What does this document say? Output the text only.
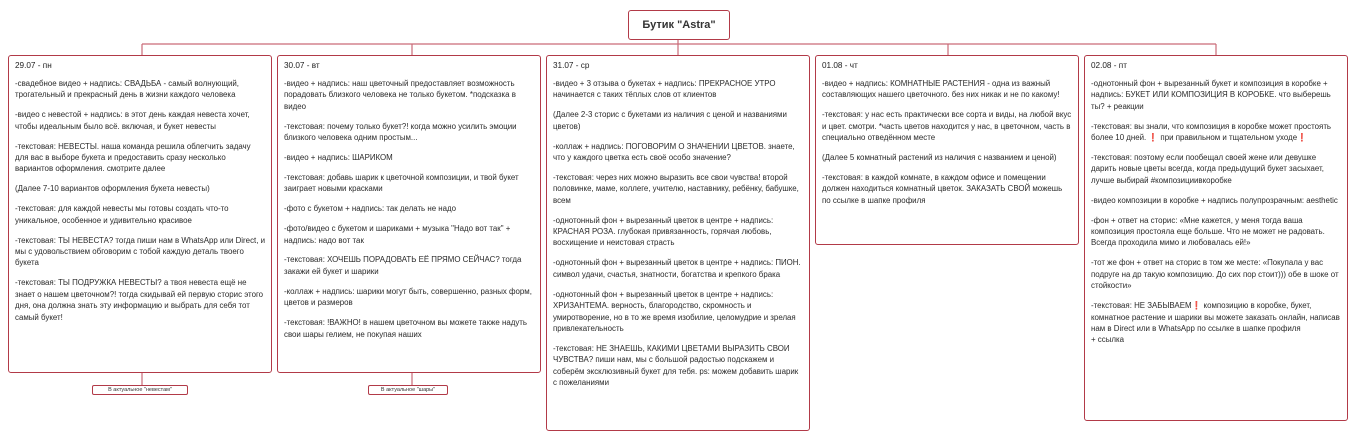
Бутик "Astra"
29.07 - пн

-свадебное видео + надпись: СВАДЬБА - самый волнующий, трогательный и прекрасный день в жизни каждого человека

-видео с невестой + надпись: в этот день каждая невеста хочет, чтобы идеальным было всё. включая, и букет невесты

-текстовая: НЕВЕСТЫ. наша команда решила облегчить задачу для вас в выборе букета и предоставить сразу несколько вариантов оформления. смотрите далее

(Далее 7-10 вариантов оформления букета невесты)

-текстовая: для каждой невесты мы готовы создать что-то уникальное, особенное и удивительно красивое

-текстовая: ТЫ НЕВЕСТА? тогда пиши нам в WhatsApp или Direct, и мы с удовольствием обговорим с тобой каждую деталь твоего букета

-текстовая: ТЫ ПОДРУЖКА НЕВЕСТЫ? а твоя невеста ещё не знает о нашем цветочном?! тогда скидывай ей первую сторис этого дня, она должна знать эту информацию и выбрать для себя тот самый букет!

30.07 - вт

-видео + надпись: наш цветочный предоставляет возможность порадовать близкого человека не только букетом. *подсказка в видео

-текстовая: почему только букет?! когда можно усилить эмоции близкого человека одним простым...

-видео + надпись: ШАРИКОМ

-текстовая: добавь шарик к цветочной композиции, и твой букет заиграет новыми красками

-фото с букетом + надпись: так делать не надо

-фото/видео с букетом и шариками + музыка "Надо вот так" + надпись: надо вот так

-текстовая: ХОЧЕШЬ ПОРАДОВАТЬ ЕЁ ПРЯМО СЕЙЧАС? тогда закажи ей букет и шарики

-коллаж + надпись: шарики могут быть, совершенно, разных форм, цветов и размеров

-текстовая: !ВАЖНО! в нашем цветочном вы можете также надуть свои шары гелием, не покупая наших

31.07 - ср

-видео + 3 отзыва о букетах + надпись: ПРЕКРАСНОЕ УТРО начинается с таких тёплых слов от клиентов

(Далее 2-3 сторис с букетами из наличия с ценой и названиями цветов)

-коллаж + надпись: ПОГОВОРИМ О ЗНАЧЕНИИ ЦВЕТОВ. знаете, что у каждого цветка есть своё особо значение?

-текстовая: через них можно выразить все свои чувства! второй половинке, маме, коллеге, учителю, наставнику, ребёнку, бабушке, всем

-однотонный фон + вырезанный цветок в центре + надпись: КРАСНАЯ РОЗА. глубокая привязанность, горячая любовь, восхищение и неистовая страсть

-однотонный фон + вырезанный цветок в центре + надпись: ПИОН. символ удачи, счастья, знатности, богатства и крепкого брака

-однотонный фон + вырезанный цветок в центре + надпись: ХРИЗАНТЕМА. верность, благородство, скромность и умиротворение, но в то же время изобилие, целомудрие и зрелая привлекательность

-текстовая: НЕ ЗНАЕШЬ, КАКИМИ ЦВЕТАМИ ВЫРАЗИТЬ СВОИ ЧУВСТВА? пиши нам, мы с большой радостью подскажем и соберём эксклюзивный букет для тебя. ps: можем добавить шарик с пожеланиями

01.08 - чт

-видео + надпись: КОМНАТНЫЕ РАСТЕНИЯ - одна из важный составляющих нашего цветочного. без них никак и не по какому!

-текстовая: у нас есть практически все сорта и виды, на любой вкус и цвет. смотри. *часть цветов находится у нас, в цветочном, часть в специально отведённом месте

(Далее 5 комнатный растений из наличия с названием и ценой)

-текстовая: в каждой комнате, в каждом офисе и помещении должен находиться комнатный цветок. ЗАКАЗАТЬ СВОЙ можешь по ссылке в шапке профиля

02.08 - пт

-однотонный фон + вырезанный букет и композиция в коробке + надпись: БУКЕТ ИЛИ КОМПОЗИЦИЯ В КОРОБКЕ. что выберешь ты? + реакции

-текстовая: вы знали, что композиция в коробке может простоять более 10 дней. ❗️ при правильном и тщательном уходе❗️

-текстовая: поэтому если пообещал своей жене или девушке дарить новые цветы всегда, когда предыдущий букет засыхает, лучше выбирай #композициивкоробке

-видео композиции в коробке + надпись полупрозрачным: aesthetic

-фон + ответ на сторис: «Мне кажется, у меня тогда ваша композиция простояла еще больше. Что не может не радовать. Всегда проходила мимо и любовалась ей!»

-тот же фон + ответ на сторис в том же месте: «Покупала у вас подруге на др такую композицию. До сих пор стоит))) обе в шоке от стойкости»

-текстовая: НЕ ЗАБЫВАЕМ❗️ композицию в коробке, букет, комнатное растение и шарики вы можете заказать онлайн, написав нам в Direct или в WhatsApp по ссылке в шапке профиля
+ ссылка

В актуальное "невестам"	В актуальное "шары"
